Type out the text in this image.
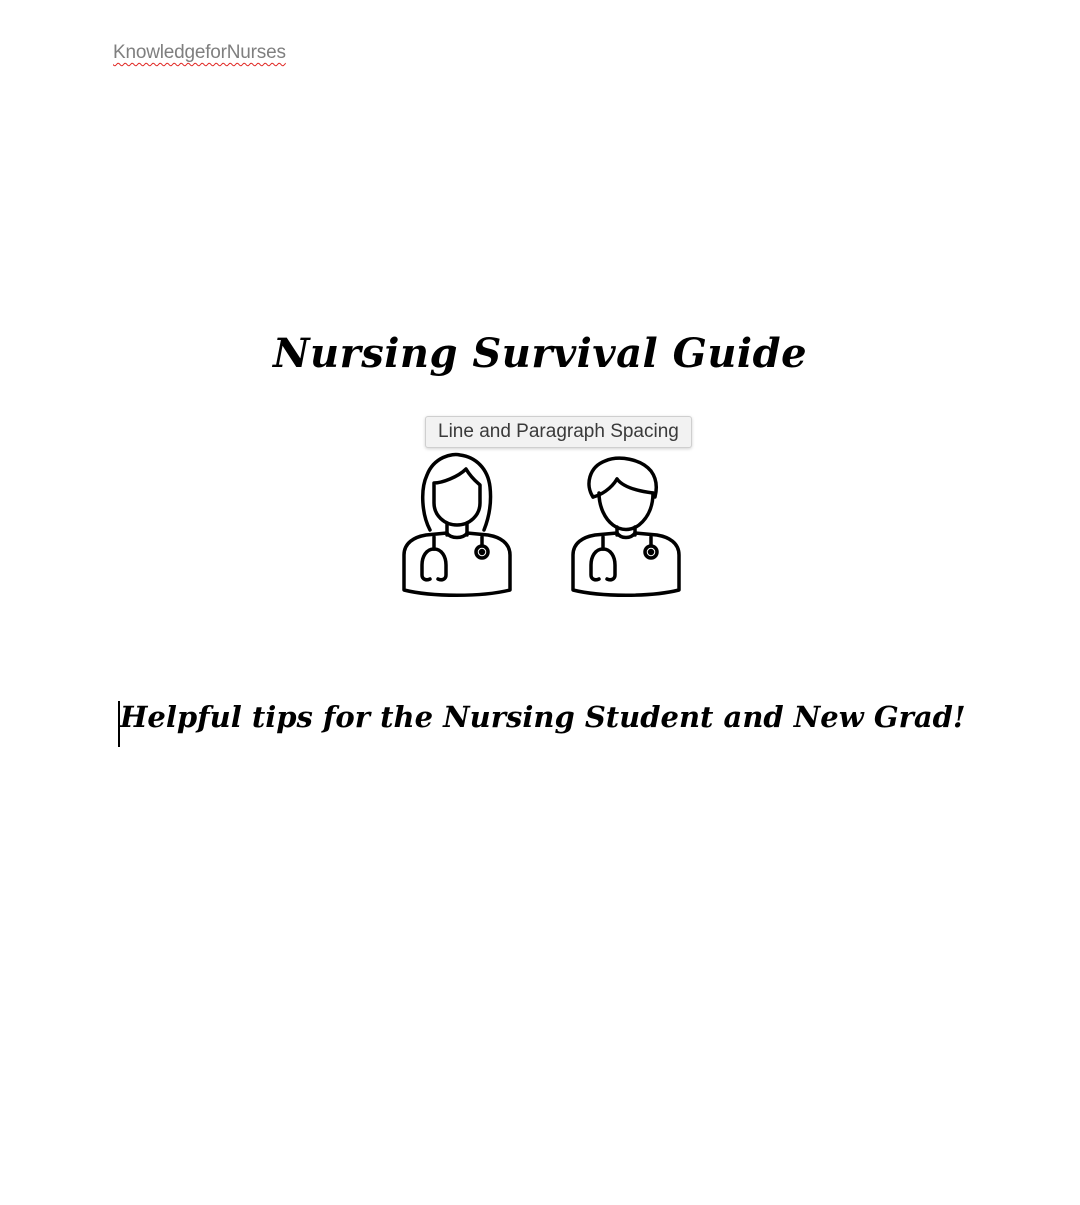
KnowledgeforNurses
Nursing Survival Guide
Line and Paragraph Spacing
Helpful tips for the Nursing Student and New Grad!
